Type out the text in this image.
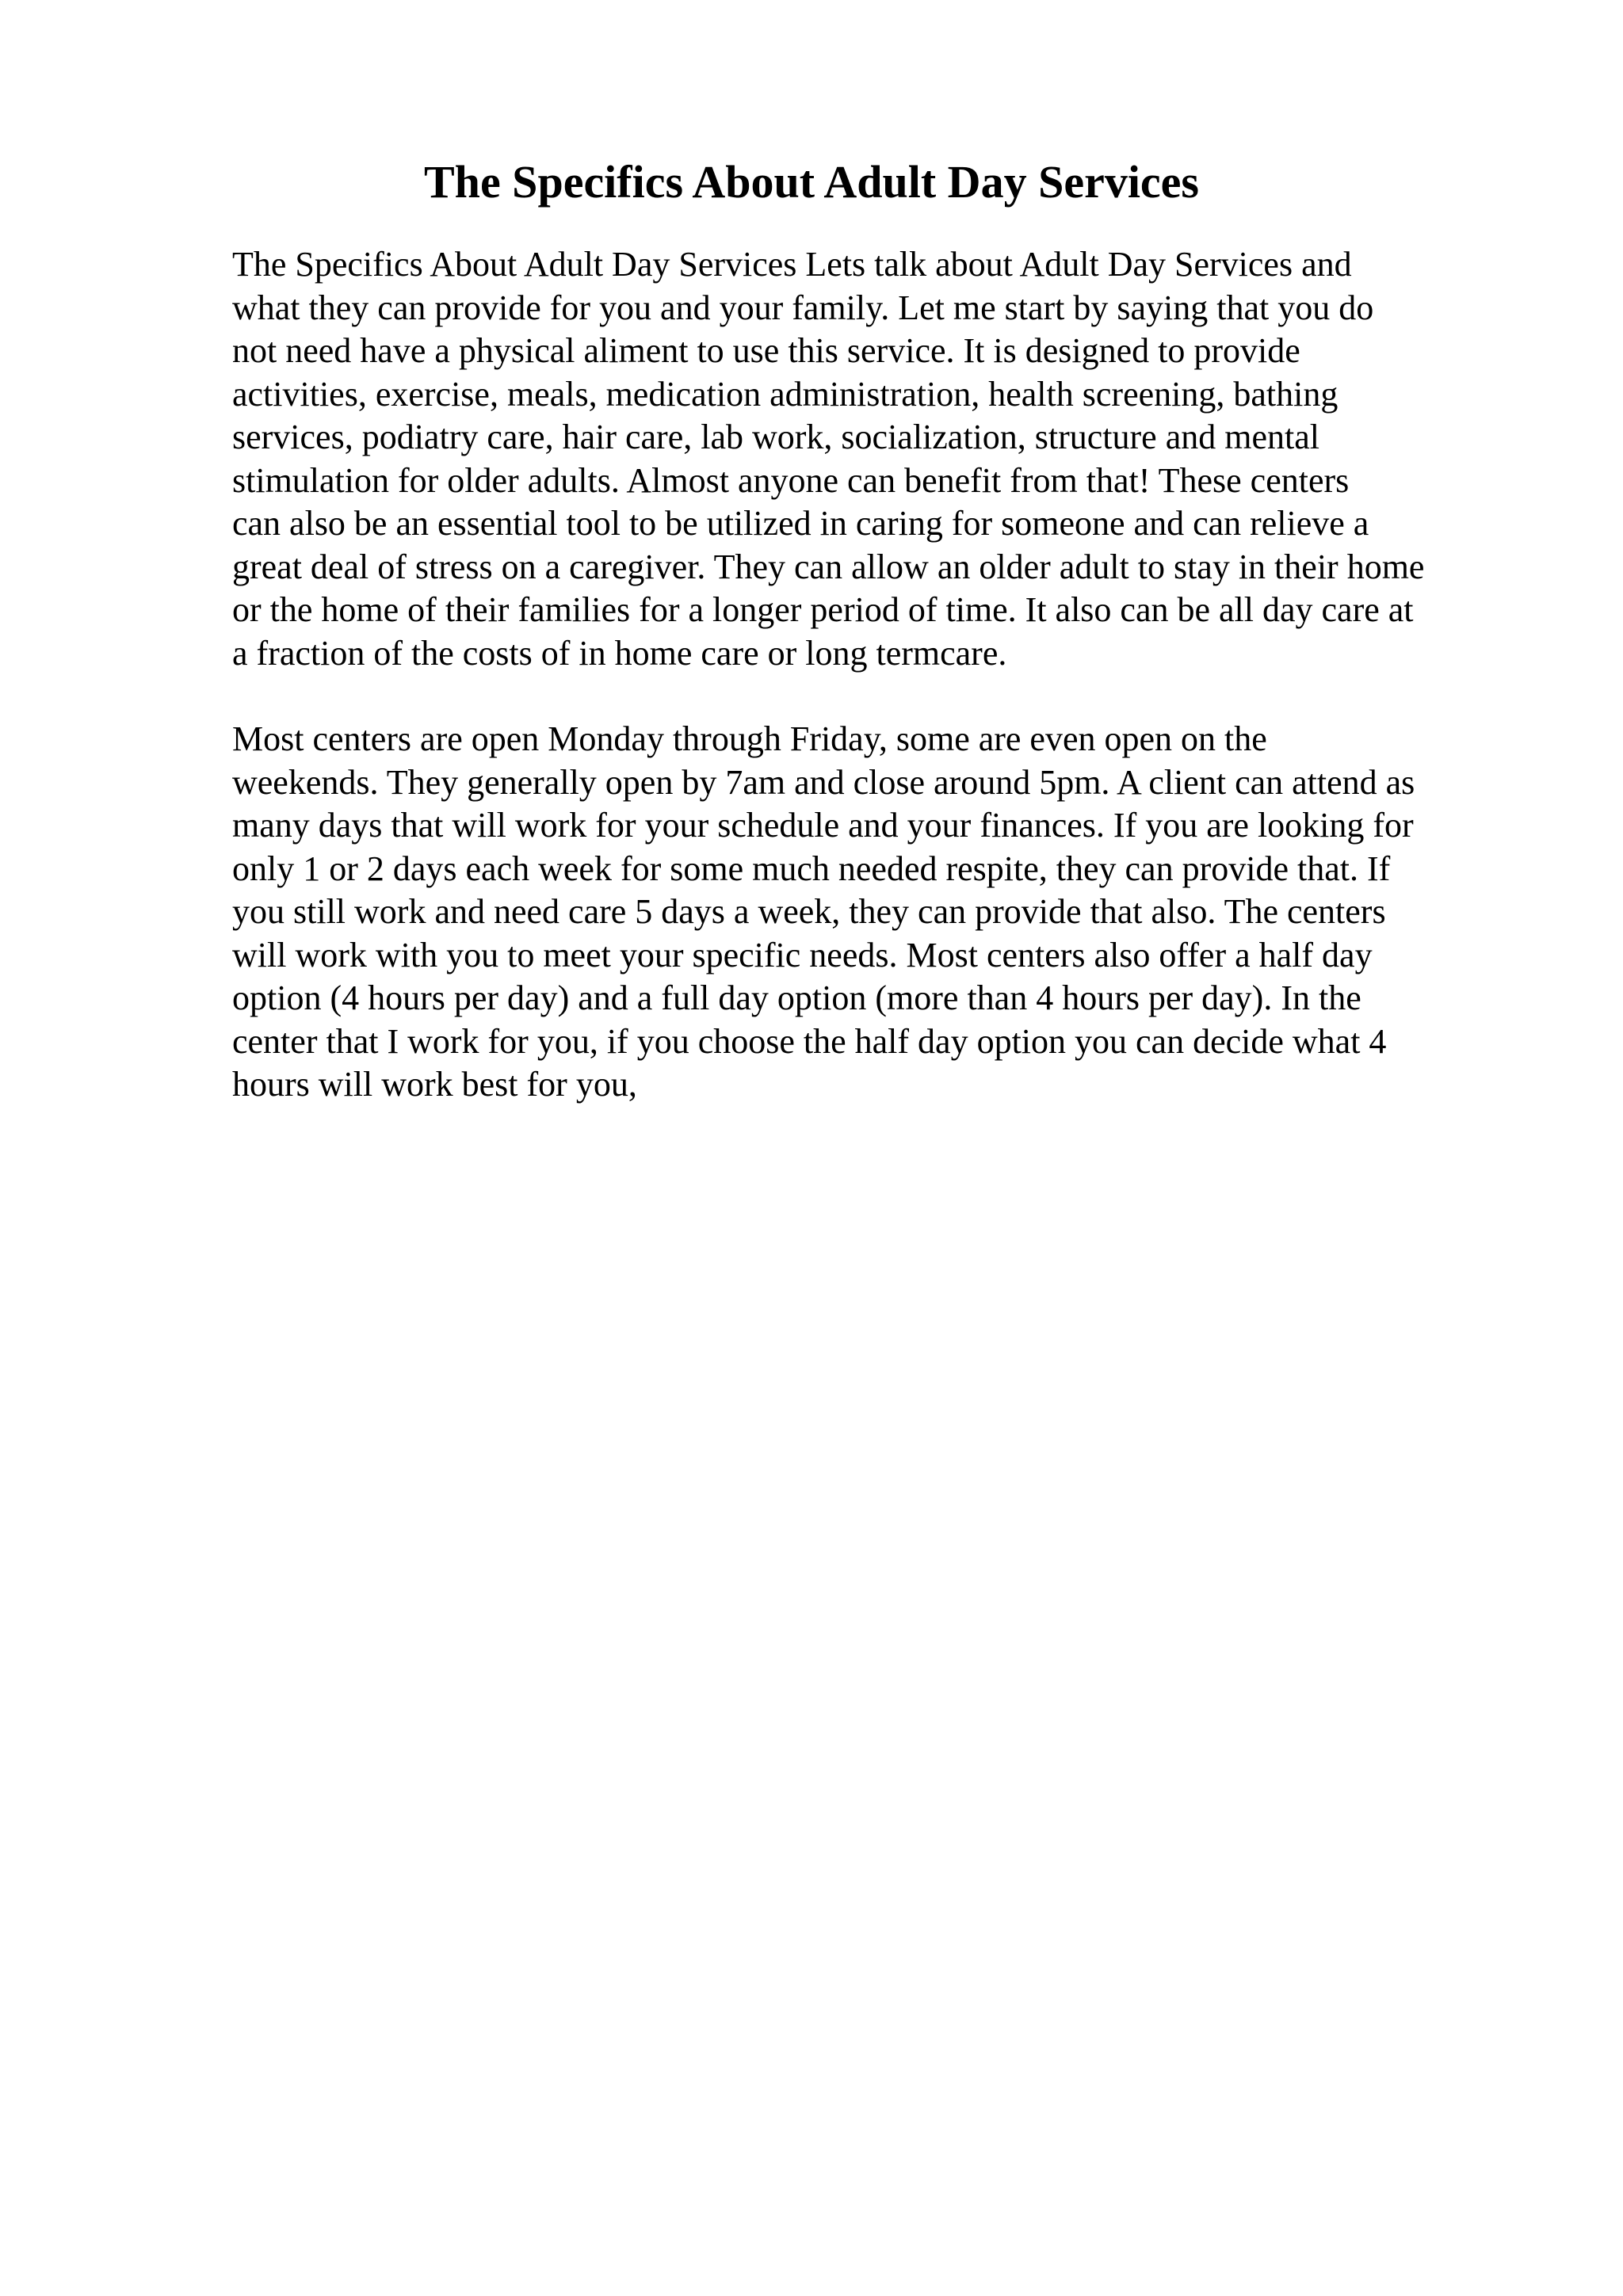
The Specifics About Adult Day Services

The Specifics About Adult Day Services Lets talk about Adult Day Services and
what they can provide for you and your family. Let me start by saying that you do
not need have a physical aliment to use this service. It is designed to provide
activities, exercise, meals, medication administration, health screening, bathing
services, podiatry care, hair care, lab work, socialization, structure and mental
stimulation for older adults. Almost anyone can benefit from that! These centers
can also be an essential tool to be utilized in caring for someone and can relieve a
great deal of stress on a caregiver. They can allow an older adult to stay in their home
or the home of their families for a longer period of time. It also can be all day care at
a fraction of the costs of in home care or long termcare.

Most centers are open Monday through Friday, some are even open on the
weekends. They generally open by 7am and close around 5pm. A client can attend as
many days that will work for your schedule and your finances. If you are looking for
only 1 or 2 days each week for some much needed respite, they can provide that. If
you still work and need care 5 days a week, they can provide that also. The centers
will work with you to meet your specific needs. Most centers also offer a half day
option (4 hours per day) and a full day option (more than 4 hours per day). In the
center that I work for you, if you choose the half day option you can decide what 4
hours will work best for you,
